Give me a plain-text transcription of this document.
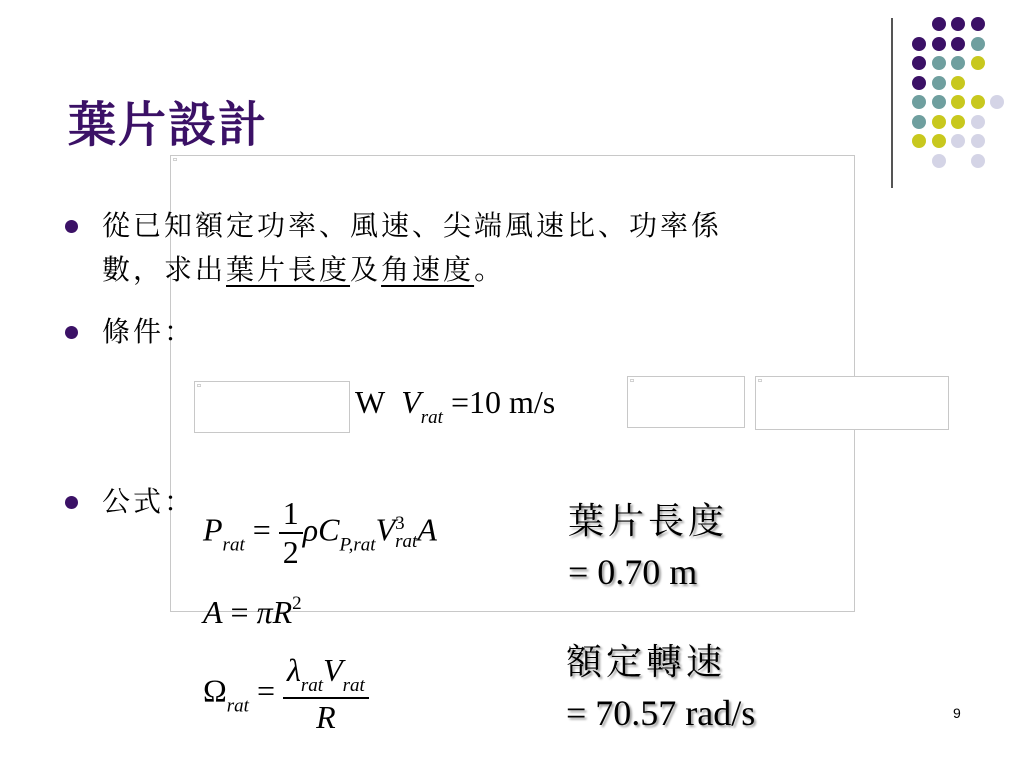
葉片設計
▫
▫
▫	▫
從已知額定功率、風速、尖端風速比、功率係
數，求出葉片長度及角速度。
條件：
W $V_{rat} =10$ m/s
公式：
$P_{rat} = \frac{1}{2} \rho C_{P,rat}V$ 3
rat A
$A = \pi R^2$
$\Omega_{rat} = \frac{\lambda_{rat}V_{rat}}{R}$
葉片長度
= 0.70 m
額定轉速
= 70.57 rad/s	9
